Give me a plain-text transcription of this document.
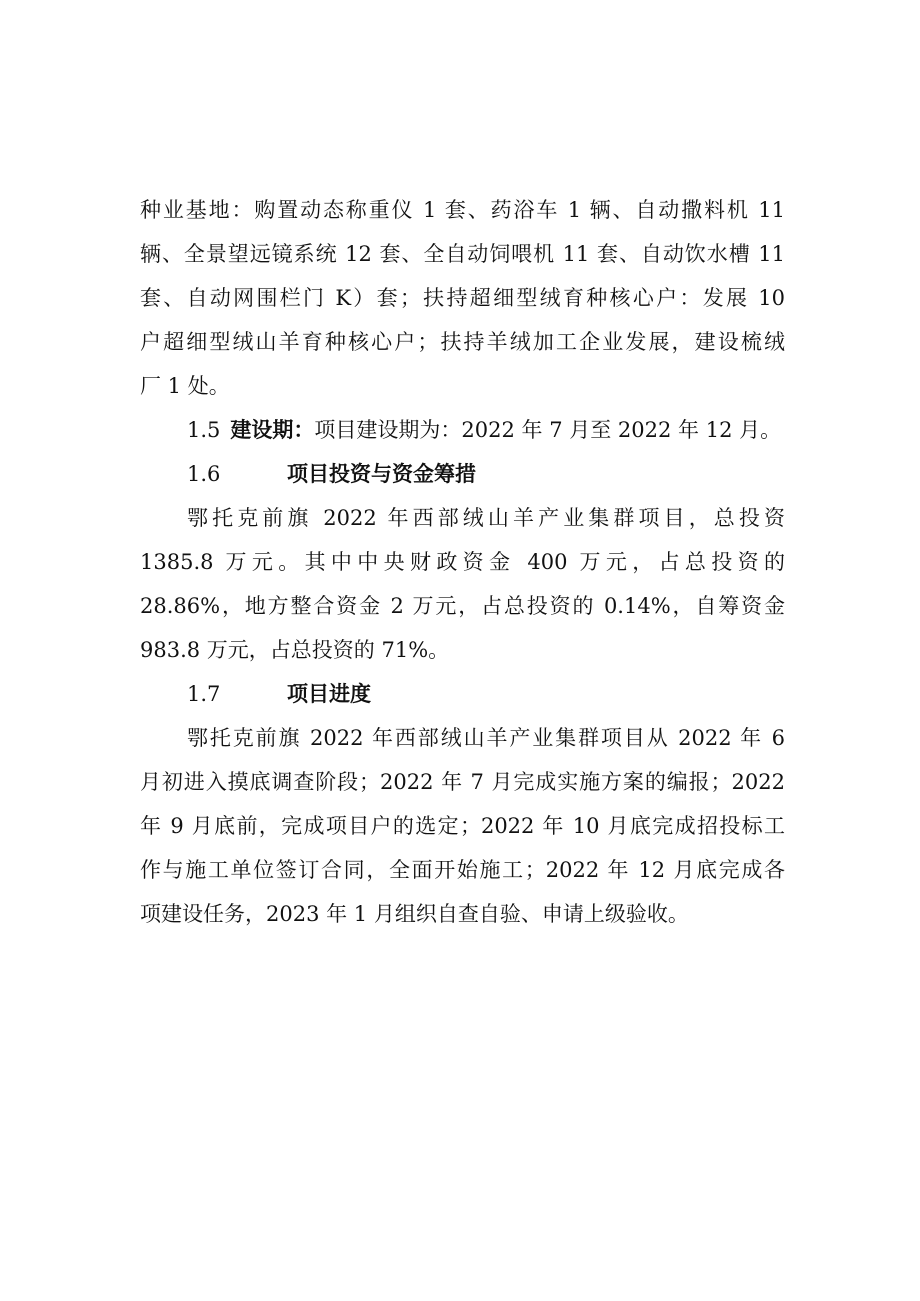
种业基地：购置动态称重仪 1 套、药浴车 1 辆、自动撒料机 11
辆、全景望远镜系统 12 套、全自动饲喂机 11 套、自动饮水槽 11
套、自动网围栏门 K）套；扶持超细型绒育种核心户：发展 10
户超细型绒山羊育种核心户；扶持羊绒加工企业发展，建设梳绒
厂 1 处。
1.5 建设期：项目建设期为：2022 年 7 月至 2022 年 12 月。
1.6	项目投资与资金筹措
鄂托克前旗 2022 年西部绒山羊产业集群项目，总投资
1385.8 万元。其中中央财政资金 400 万元，占总投资的
28.86%，地方整合资金 2 万元，占总投资的 0.14%，自筹资金
983.8 万元，占总投资的 71%。
1.7	项目进度
鄂托克前旗 2022 年西部绒山羊产业集群项目从 2022 年 6
月初进入摸底调查阶段；2022 年 7 月完成实施方案的编报；2022
年 9 月底前，完成项目户的选定；2022 年 10 月底完成招投标工
作与施工单位签订合同，全面开始施工；2022 年 12 月底完成各
项建设任务，2023 年 1 月组织自查自验、申请上级验收。
